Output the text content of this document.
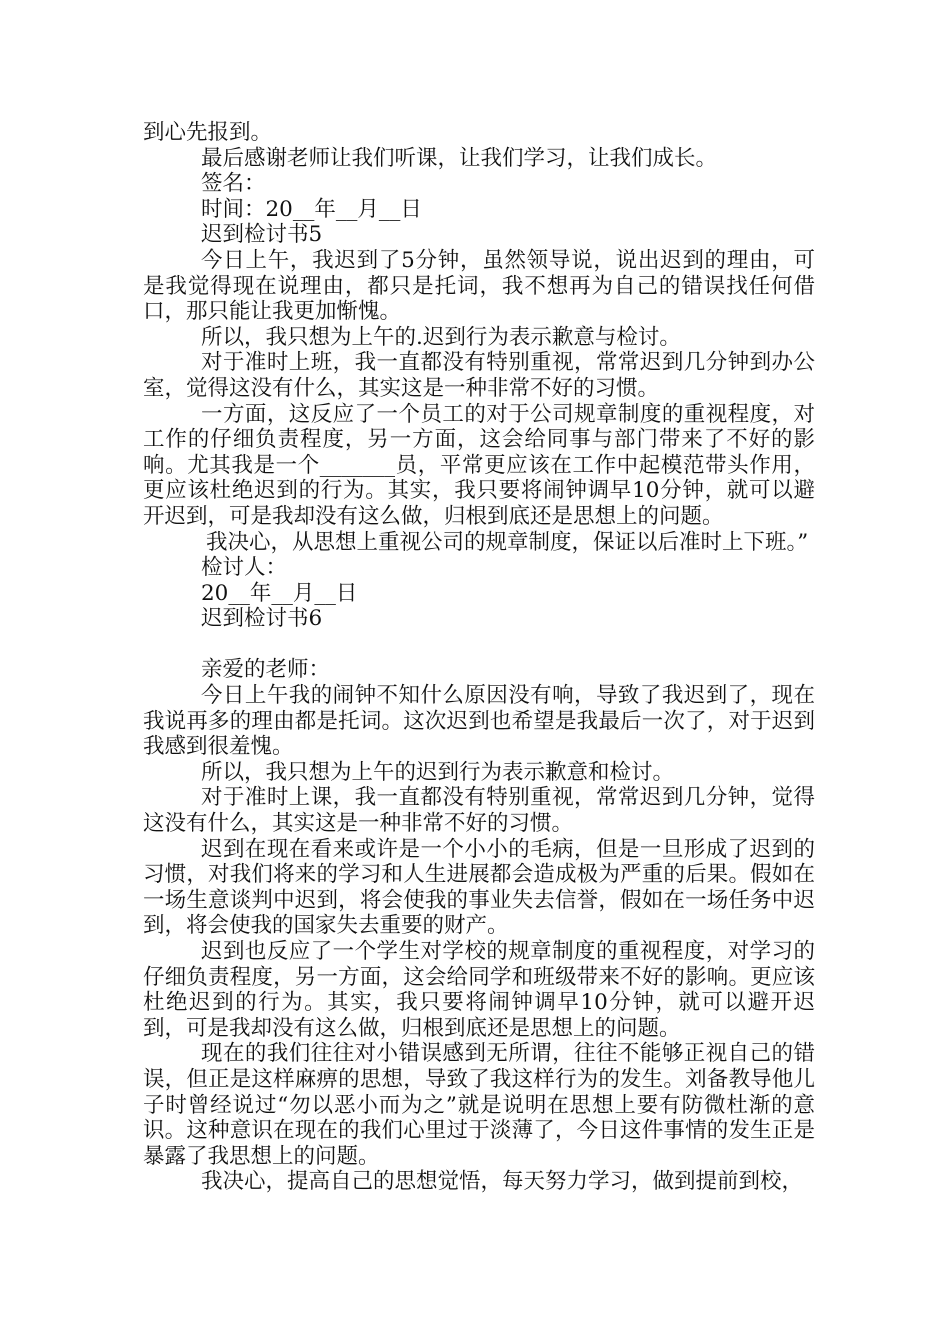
到心先报到。

最后感谢老师让我们听课，让我们学习，让我们成长。

签名：

时间：20__年__月__日

迟到检讨书5

今日上午，我迟到了5分钟，虽然领导说，说出迟到的理由，可是我觉得现在说理由，都只是托词，我不想再为自己的错误找任何借口，那只能让我更加惭愧。

所以，我只想为上午的.迟到行为表示歉意与检讨。

对于准时上班，我一直都没有特别重视，常常迟到几分钟到办公室，觉得这没有什么，其实这是一种非常不好的习惯。

一方面，这反应了一个员工的对于公司规章制度的重视程度，对工作的仔细负责程度，另一方面，这会给同事与部门带来了不好的影响。尤其我是一个_______员，平常更应该在工作中起模范带头作用，更应该杜绝迟到的行为。其实，我只要将闹钟调早10分钟，就可以避开迟到，可是我却没有这么做，归根到底还是思想上的问题。

我决心，从思想上重视公司的规章制度，保证以后准时上下班。”

检讨人：

20__年__月__日

迟到检讨书6

亲爱的老师：

今日上午我的闹钟不知什么原因没有响，导致了我迟到了，现在我说再多的理由都是托词。这次迟到也希望是我最后一次了，对于迟到我感到很羞愧。

所以，我只想为上午的迟到行为表示歉意和检讨。

对于准时上课，我一直都没有特别重视，常常迟到几分钟，觉得这没有什么，其实这是一种非常不好的习惯。

迟到在现在看来或许是一个小小的毛病，但是一旦形成了迟到的习惯，对我们将来的学习和人生进展都会造成极为严重的后果。假如在一场生意谈判中迟到，将会使我的事业失去信誉，假如在一场任务中迟到，将会使我的国家失去重要的财产。

迟到也反应了一个学生对学校的规章制度的重视程度，对学习的仔细负责程度，另一方面，这会给同学和班级带来不好的影响。更应该杜绝迟到的行为。其实，我只要将闹钟调早10分钟，就可以避开迟到，可是我却没有这么做，归根到底还是思想上的问题。

现在的我们往往对小错误感到无所谓，往往不能够正视自己的错误，但正是这样麻痹的思想，导致了我这样行为的发生。刘备教导他儿子时曾经说过“勿以恶小而为之”就是说明在思想上要有防微杜渐的意识。这种意识在现在的我们心里过于淡薄了，今日这件事情的发生正是暴露了我思想上的问题。

我决心，提高自己的思想觉悟，每天努力学习，做到提前到校，
